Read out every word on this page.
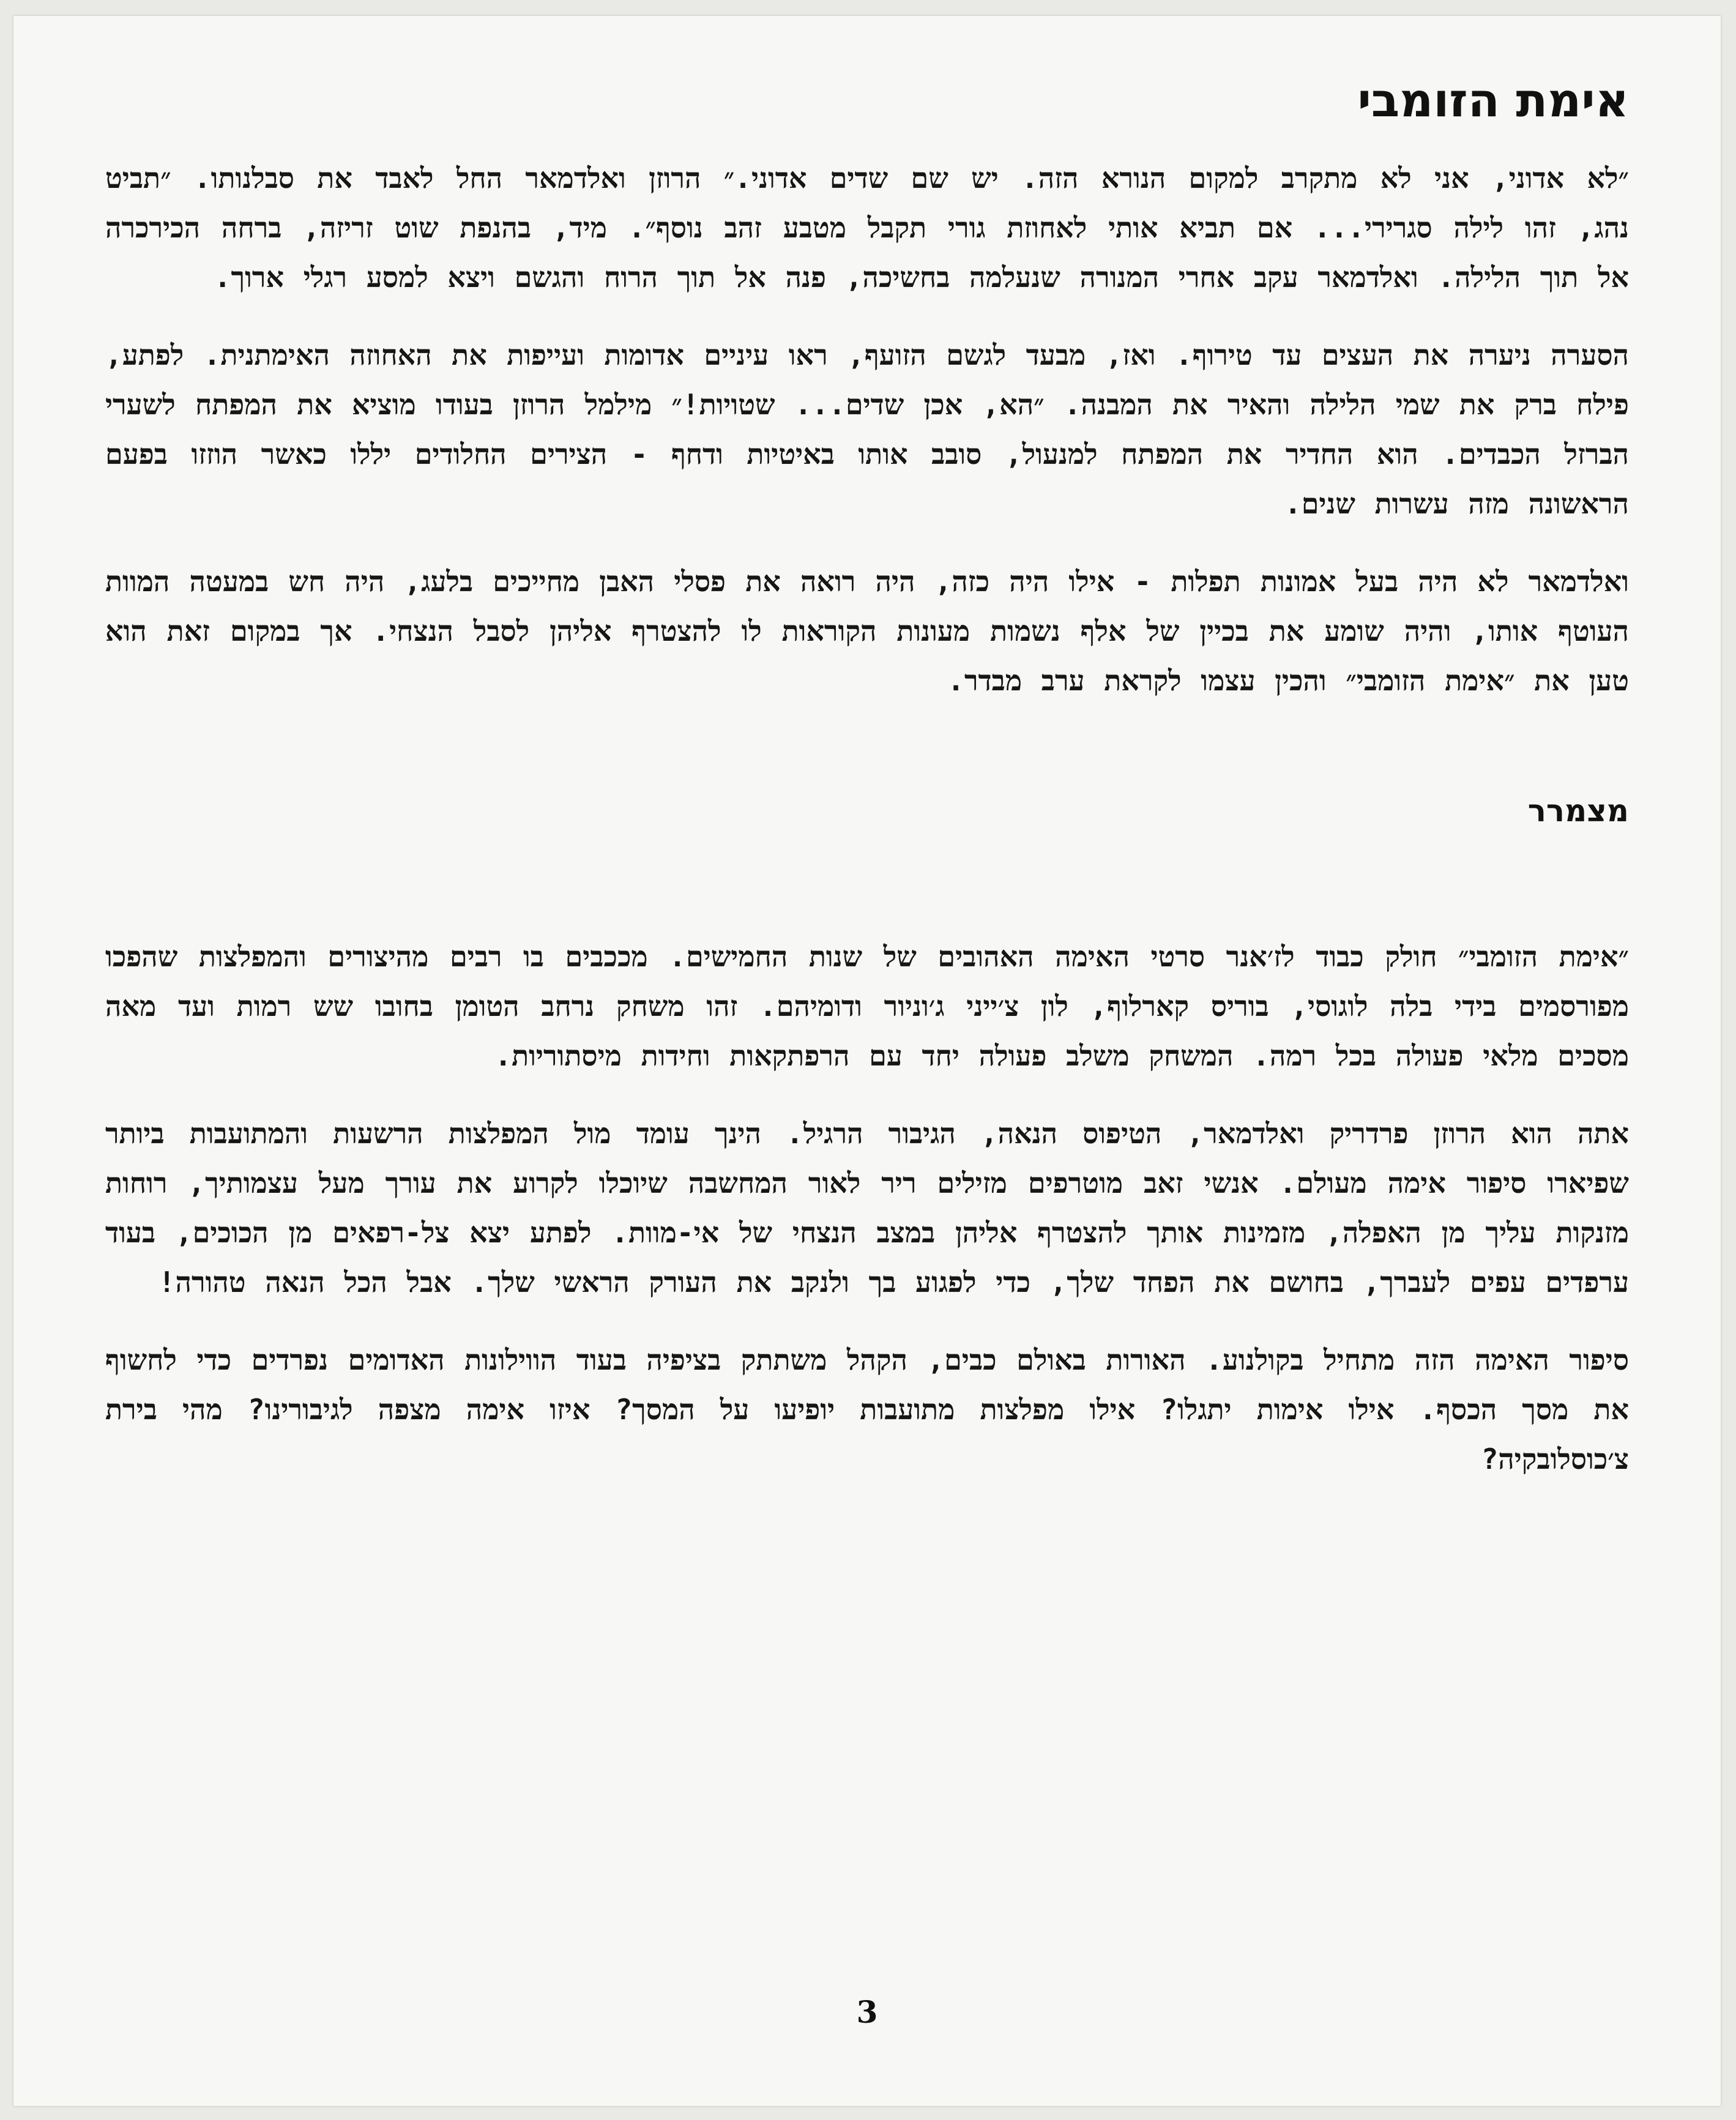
אימת הזומבי

״לא אדוני, אני לא מתקרב למקום הנורא הזה. יש שם שדים אדוני.״ הרוזן ואלדמאר החל לאבד את סבלנותו. ״תביט נהג, זהו לילה סגרירי... אם תביא אותי לאחוזת גורי תקבל מטבע זהב נוסף״. מיד, בהנפת שוט זריזה, ברחה הכירכרה אל תוך הלילה. ואלדמאר עקב אחרי המנורה שנעלמה בחשיכה, פנה אל תוך הרוח והגשם ויצא למסע רגלי ארוך.

הסערה ניערה את העצים עד טירוף. ואז, מבעד לגשם הזועף, ראו עיניים אדומות ועייפות את האחוזה האימתנית. לפתע, פילח ברק את שמי הלילה והאיר את המבנה. ״הא, אכן שדים... שטויות!״ מילמל הרוזן בעודו מוציא את המפתח לשערי הברזל הכבדים. הוא החדיר את המפתח למנעול, סובב אותו באיטיות ודחף - הצירים החלודים יללו כאשר הוזזו בפעם הראשונה מזה עשרות שנים.

ואלדמאר לא היה בעל אמונות תפלות - אילו היה כזה, היה רואה את פסלי האבן מחייכים בלעג, היה חש במעטה המוות העוטף אותו, והיה שומע את בכיין של אלף נשמות מעונות הקוראות לו להצטרף אליהן לסבל הנצחי. אך במקום זאת הוא טען את ״אימת הזומבי״ והכין עצמו לקראת ערב מבדר.

מצמרר

״אימת הזומבי״ חולק כבוד לז׳אנר סרטי האימה האהובים של שנות החמישים. מככבים בו רבים מהיצורים והמפלצות שהפכו מפורסמים בידי בלה לוגוסי, בוריס קארלוף, לון צ׳ייני ג׳וניור ודומיהם. זהו משחק נרחב הטומן בחובו שש רמות ועד מאה מסכים מלאי פעולה בכל רמה. המשחק משלב פעולה יחד עם הרפתקאות וחידות מיסתוריות.

אתה הוא הרוזן פרדריק ואלדמאר, הטיפוס הנאה, הגיבור הרגיל. הינך עומד מול המפלצות הרשעות והמתועבות ביותר שפיארו סיפור אימה מעולם. אנשי זאב מוטרפים מזילים ריר לאור המחשבה שיוכלו לקרוע את עורך מעל עצמותיך, רוחות מזנקות עליך מן האפלה, מזמינות אותך להצטרף אליהן במצב הנצחי של אי-מוות. לפתע יצא צל-רפאים מן הכוכים, בעוד ערפדים עפים לעברך, בחושם את הפחד שלך, כדי לפגוע בך ולנקב את העורק הראשי שלך. אבל הכל הנאה טהורה!

סיפור האימה הזה מתחיל בקולנוע. האורות באולם כבים, הקהל משתתק בציפיה בעוד הווילונות האדומים נפרדים כדי לחשוף את מסך הכסף. אילו אימות יתגלו? אילו מפלצות מתועבות יופיעו על המסך? איזו אימה מצפה לגיבורינו? מהי בירת צ׳כוסלובקיה?

3
